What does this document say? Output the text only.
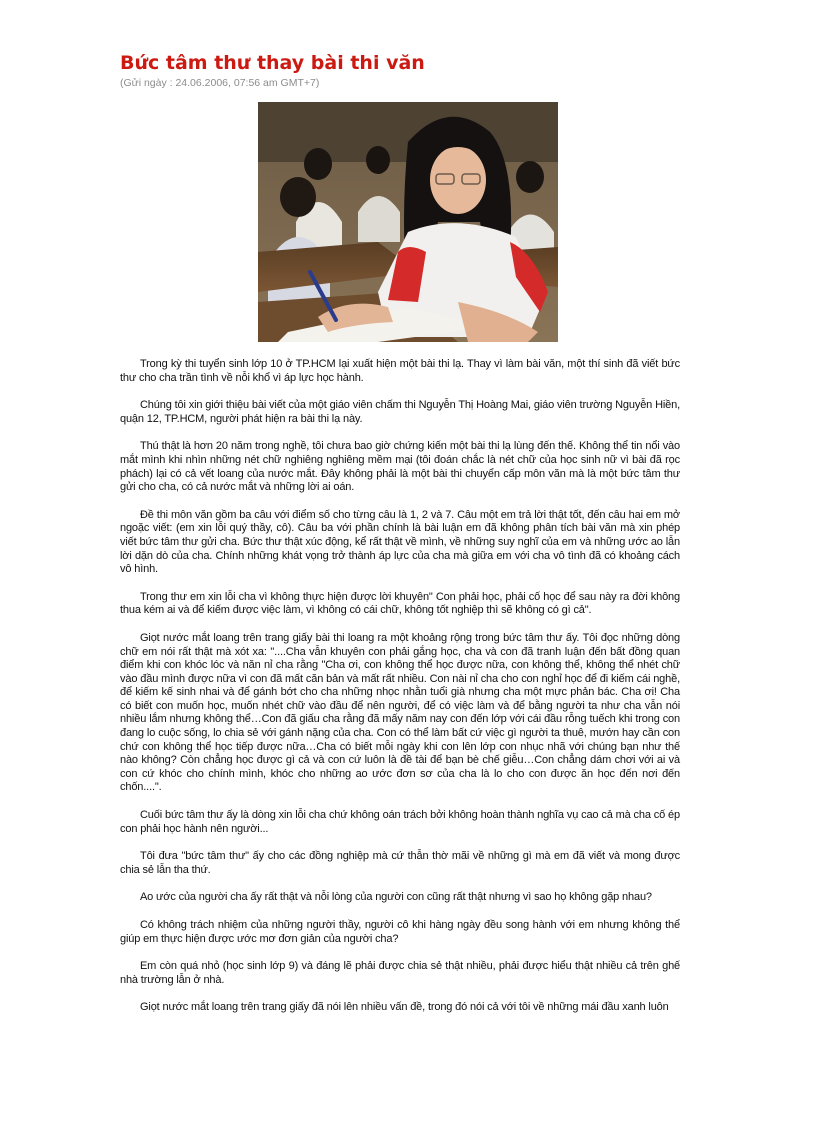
Bức tâm thư thay bài thi văn

(Gửi ngày : 24.06.2006, 07:56 am GMT+7)

Trong kỳ thi tuyển sinh lớp 10 ở TP.HCM lại xuất hiện một bài thi lạ. Thay vì làm bài văn, một thí sinh đã viết bức thư cho cha trần tình về nỗi khổ vì áp lực học hành.

Chúng tôi xin giới thiệu bài viết của một giáo viên chấm thi Nguyễn Thị Hoàng Mai, giáo viên trường Nguyễn Hiền, quận 12, TP.HCM, người phát hiện ra bài thi lạ này.

Thú thật là hơn 20 năm trong nghề, tôi chưa bao giờ chứng kiến một bài thi lạ lùng đến thế. Không thể tin nổi vào mắt mình khi nhìn những nét chữ nghiêng nghiêng mềm mại (tôi đoán chắc là nét chữ của học sinh nữ vì bài đã rọc phách) lại có cả vết loang của nước mắt. Đây không phải là một bài thi chuyển cấp môn văn mà là một bức tâm thư gửi cho cha, có cả nước mắt và những lời ai oán.

Đề thi môn văn gồm ba câu với điểm số cho từng câu là 1, 2 và 7. Câu một em trả lời thật tốt, đến câu hai em mở ngoặc viết: (em xin lỗi quý thầy, cô). Câu ba với phần chính là bài luận em đã không phân tích bài văn mà xin phép viết bức tâm thư gửi cha. Bức thư thật xúc động, kể rất thật về mình, về những suy nghĩ của em và những ước ao lẫn lời dặn dò của cha. Chính những khát vọng trở thành áp lực của cha mà giữa em với cha vô tình đã có khoảng cách vô hình.

Trong thư em xin lỗi cha vì không thực hiện được lời khuyên" Con phải học, phải cố học để sau này ra đời không thua kém ai và để kiếm được việc làm, vì không có cái chữ, không tốt nghiệp thì sẽ không có gì cả".

Giọt nước mắt loang trên trang giấy bài thi loang ra một khoảng rộng trong bức tâm thư ấy. Tôi đọc những dòng chữ em nói rất thật mà xót xa: "....Cha vẫn khuyên con phải gắng học, cha và con đã tranh luận đến bất đồng quan điểm khi con khóc lóc và năn nỉ cha rằng "Cha ơi, con không thể học được nữa, con không thể, không thể nhét chữ vào đầu mình được nữa vì con đã mất căn bản và mất rất nhiều. Con nài nỉ cha cho con nghỉ học để đi kiếm cái nghề, để kiếm kế sinh nhai và để gánh bớt cho cha những nhọc nhằn tuổi già nhưng cha một mực phản bác. Cha ơi! Cha có biết con muốn học, muốn nhét chữ vào đầu để nên người, để có việc làm và để bằng người ta như cha vẫn nói nhiều lắm nhưng không thể…Con đã giấu cha rằng đã mấy năm nay con đến lớp với cái đầu rỗng tuếch khi trong con đang lo cuộc sống, lo chia sẻ với gánh nặng của cha. Con có thể làm bất cứ việc gì người ta thuê, mướn hay cần con chứ con không thể học tiếp được nữa…Cha có biết mỗi ngày khi con lên lớp con nhục nhã với chúng bạn như thế nào không? Còn chẳng học được gì cả và con cứ luôn là đề tài để bạn bè chế giễu…Con chẳng dám chơi với ai và con cứ khóc cho chính mình, khóc cho những ao ước đơn sơ của cha là lo cho con được ăn học đến nơi đến chốn....".

Cuối bức tâm thư ấy là dòng xin lỗi cha chứ không oán trách bởi không hoàn thành nghĩa vụ cao cả mà cha cố ép con phải học hành nên người...

Tôi đưa "bức tâm thư" ấy cho các đồng nghiệp mà cứ thẫn thờ mãi về những gì mà em đã viết và mong được chia sẻ lẫn tha thứ.

Ao ước của người cha ấy rất thật và nỗi lòng của người con cũng rất thật nhưng vì sao họ không gặp nhau?

Có không trách nhiệm của những người thầy, người cô khi hàng ngày đều song hành với em nhưng không thể giúp em thực hiện được ước mơ đơn giản của người cha?

Em còn quá nhỏ (học sinh lớp 9) và đáng lẽ phải được chia sẻ thật nhiều, phải được hiểu thật nhiều cả trên ghế nhà trường lẫn ở nhà.

Giọt nước mắt loang trên trang giấy đã nói lên nhiều vấn đề, trong đó nói cả với tôi về những mái đầu xanh luôn
